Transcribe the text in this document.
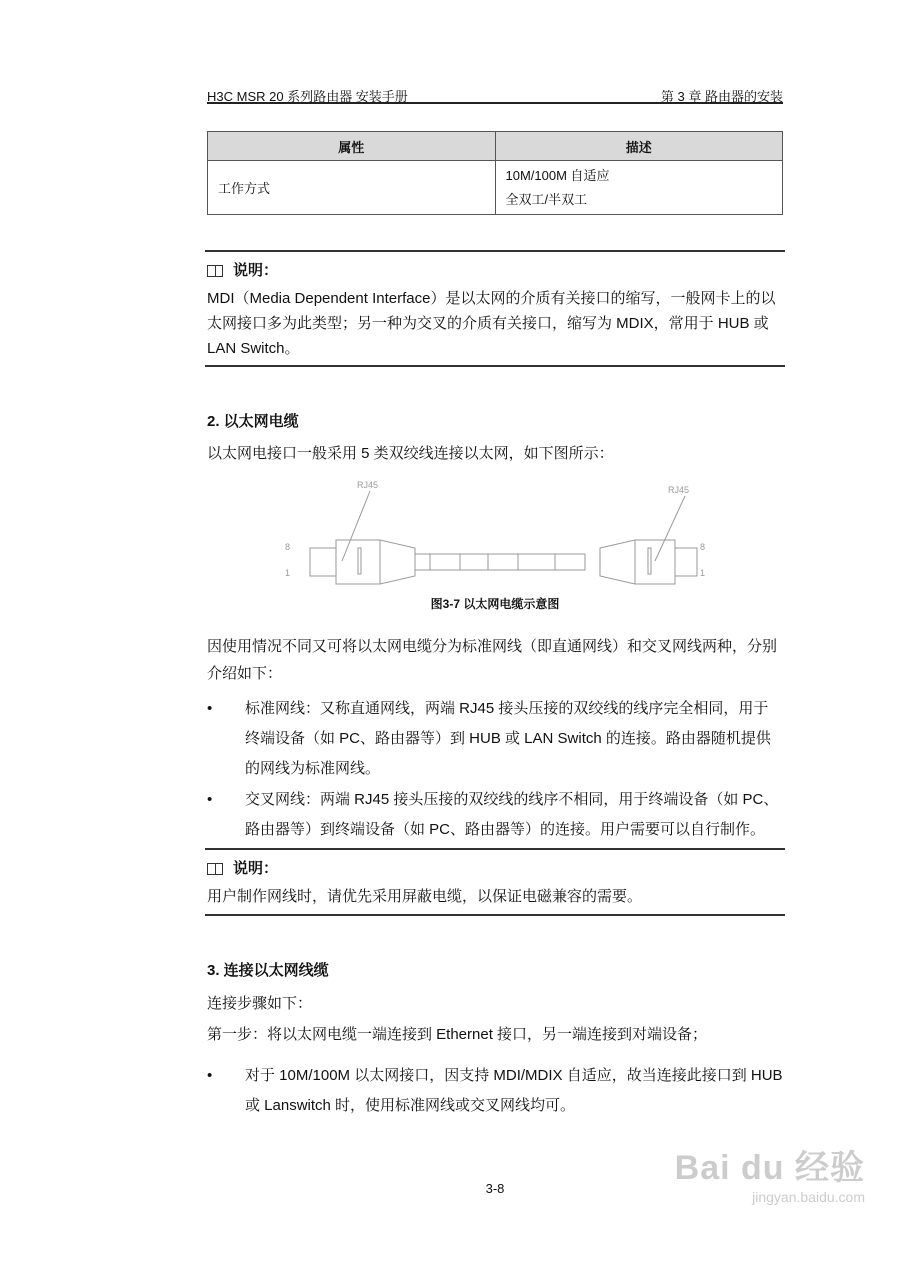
H3C MSR 20 系列路由器 安装手册	第 3 章 路由器的安装
属性	描述
工作方式	10M/100M 自适应
全双工/半双工
说明：
MDI（Media Dependent Interface）是以太网的介质有关接口的缩写，一般网卡上的以太网接口多为此类型；另一种为交叉的介质有关接口，缩写为 MDIX，常用于 HUB 或 LAN Switch。
2. 以太网电缆
以太网电接口一般采用 5 类双绞线连接以太网，如下图所示：
RJ45	RJ45
8
1
8
1
图3-7 以太网电缆示意图
因使用情况不同又可将以太网电缆分为标准网线（即直通网线）和交叉网线两种，分别介绍如下：
• 标准网线：又称直通网线，两端 RJ45 接头压接的双绞线的线序完全相同，用于终端设备（如 PC、路由器等）到 HUB 或 LAN Switch 的连接。路由器随机提供的网线为标准网线。
• 交叉网线：两端 RJ45 接头压接的双绞线的线序不相同，用于终端设备（如 PC、路由器等）到终端设备（如 PC、路由器等）的连接。用户需要可以自行制作。
说明：
用户制作网线时，请优先采用屏蔽电缆，以保证电磁兼容的需要。
3. 连接以太网线缆
连接步骤如下：
第一步：将以太网电缆一端连接到 Ethernet 接口，另一端连接到对端设备；
• 对于 10M/100M 以太网接口，因支持 MDI/MDIX 自适应，故当连接此接口到 HUB 或 Lanswitch 时，使用标准网线或交叉网线均可。
3-8
Bai du 经验
jingyan.baidu.com
